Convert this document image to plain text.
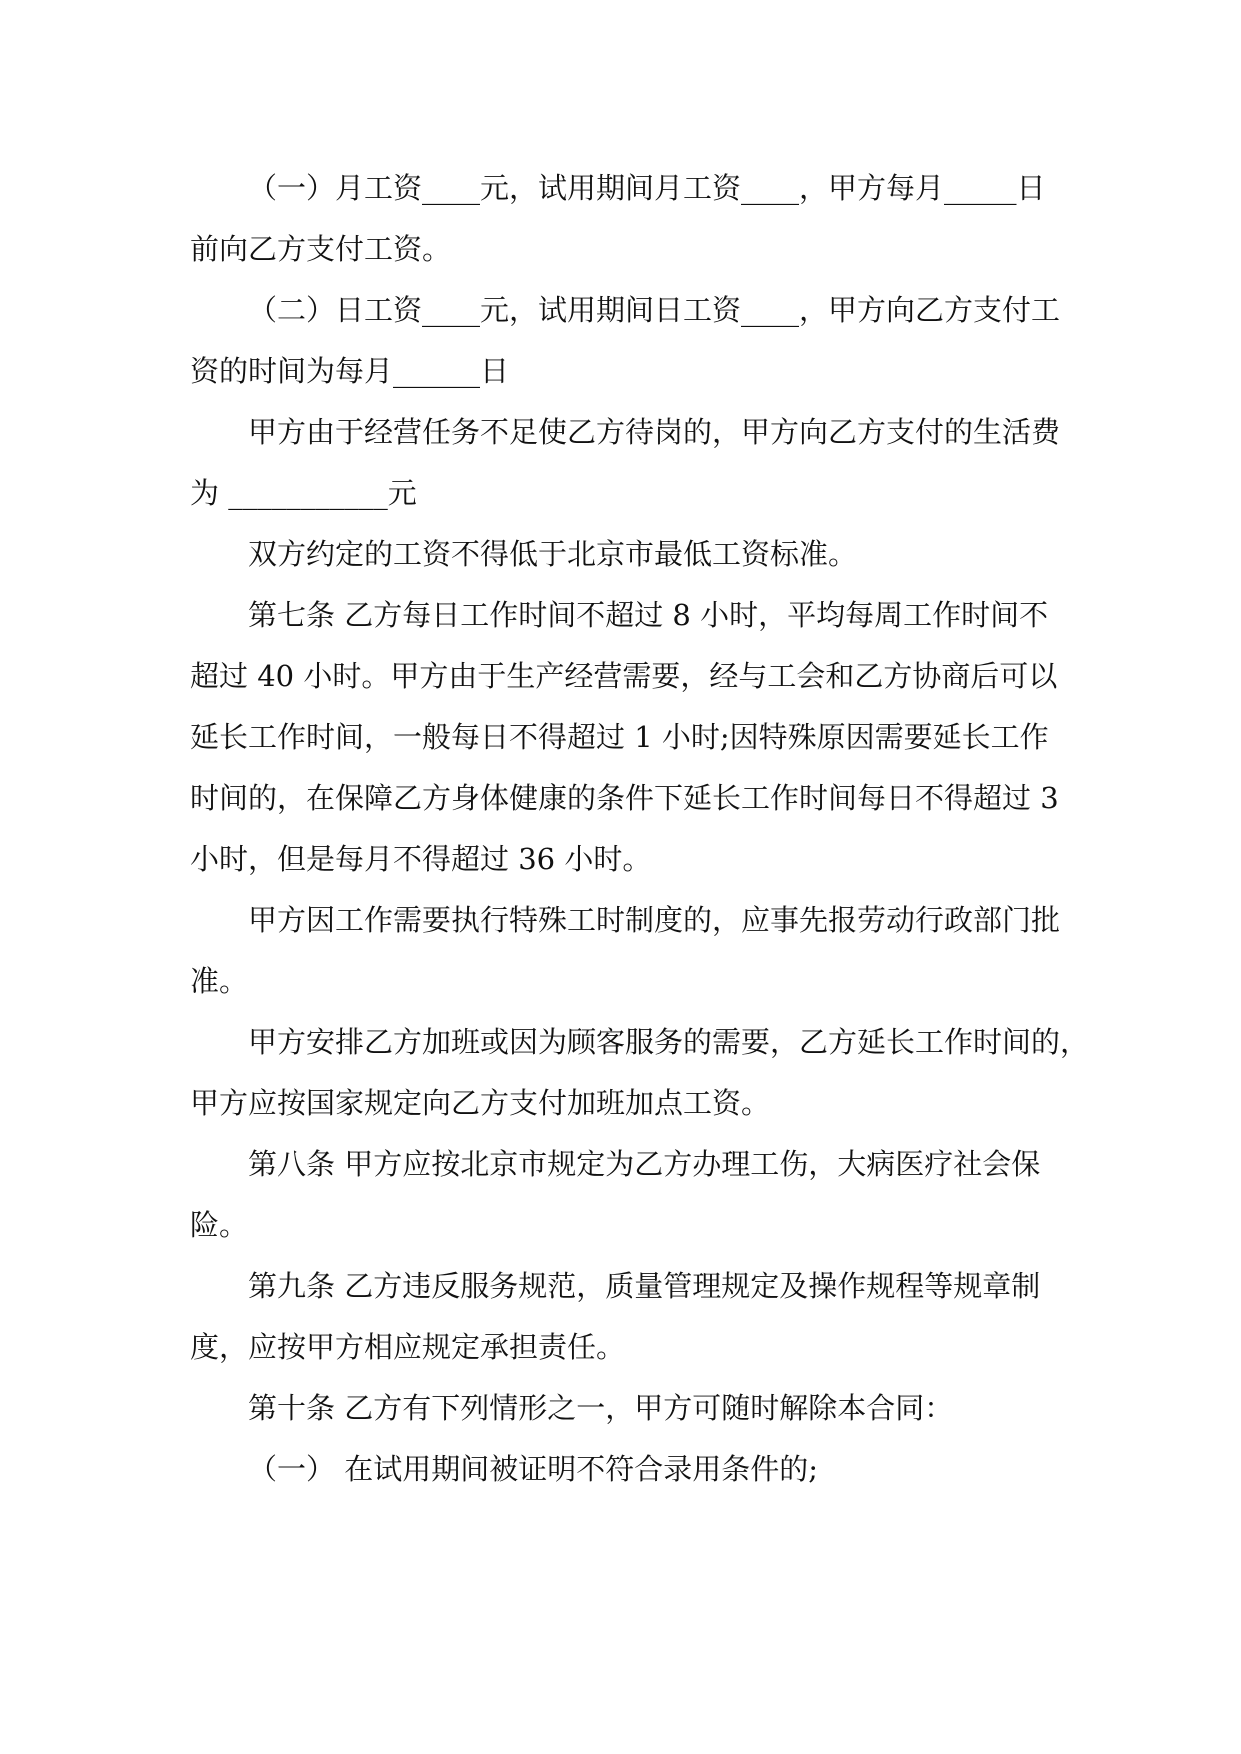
（一）月工资____元，试用期间月工资____，甲方每月_____日
前向乙方支付工资。
（二）日工资____元，试用期间日工资____，甲方向乙方支付工
资的时间为每月______日
甲方由于经营任务不足使乙方待岗的，甲方向乙方支付的生活费
为 ___________元
双方约定的工资不得低于北京市最低工资标准。
第七条 乙方每日工作时间不超过 8 小时，平均每周工作时间不
超过 40 小时。甲方由于生产经营需要，经与工会和乙方协商后可以
延长工作时间，一般每日不得超过 1 小时;因特殊原因需要延长工作
时间的，在保障乙方身体健康的条件下延长工作时间每日不得超过 3
小时，但是每月不得超过 36 小时。
甲方因工作需要执行特殊工时制度的，应事先报劳动行政部门批
准。
甲方安排乙方加班或因为顾客服务的需要，乙方延长工作时间的，
甲方应按国家规定向乙方支付加班加点工资。
第八条 甲方应按北京市规定为乙方办理工伤，大病医疗社会保
险。
第九条 乙方违反服务规范，质量管理规定及操作规程等规章制
度，应按甲方相应规定承担责任。
第十条 乙方有下列情形之一，甲方可随时解除本合同：
（一） 在试用期间被证明不符合录用条件的;
